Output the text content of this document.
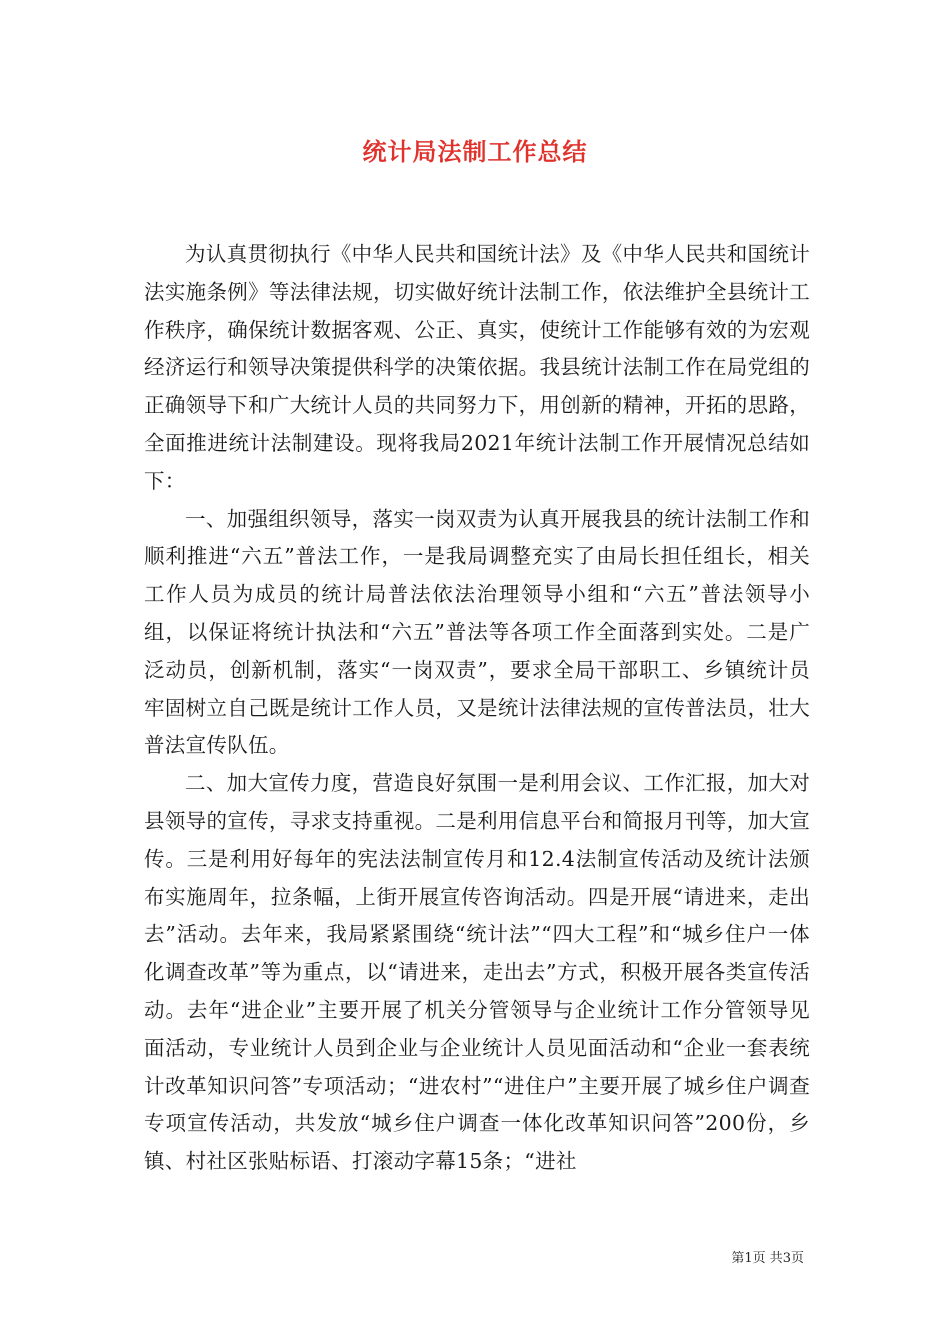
统计局法制工作总结

为认真贯彻执行《中华人民共和国统计法》及《中华人民共和国统计法实施条例》等法律法规，切实做好统计法制工作，依法维护全县统计工作秩序，确保统计数据客观、公正、真实，使统计工作能够有效的为宏观经济运行和领导决策提供科学的决策依据。我县统计法制工作在局党组的正确领导下和广大统计人员的共同努力下，用创新的精神，开拓的思路，全面推进统计法制建设。现将我局2021年统计法制工作开展情况总结如下：

一、加强组织领导，落实一岗双责为认真开展我县的统计法制工作和顺利推进“六五”普法工作，一是我局调整充实了由局长担任组长，相关工作人员为成员的统计局普法依法治理领导小组和“六五”普法领导小组，以保证将统计执法和“六五”普法等各项工作全面落到实处。二是广泛动员，创新机制，落实“一岗双责”，要求全局干部职工、乡镇统计员牢固树立自己既是统计工作人员，又是统计法律法规的宣传普法员，壮大普法宣传队伍。

二、加大宣传力度，营造良好氛围一是利用会议、工作汇报，加大对县领导的宣传，寻求支持重视。二是利用信息平台和简报月刊等，加大宣传。三是利用好每年的宪法法制宣传月和12.4法制宣传活动及统计法颁布实施周年，拉条幅，上街开展宣传咨询活动。四是开展“请进来，走出去”活动。去年来，我局紧紧围绕“统计法”“四大工程”和“城乡住户一体化调查改革”等为重点，以“请进来，走出去”方式，积极开展各类宣传活动。去年“进企业”主要开展了机关分管领导与企业统计工作分管领导见面活动，专业统计人员到企业与企业统计人员见面活动和“企业一套表统计改革知识问答”专项活动；“进农村”“进住户”主要开展了城乡住户调查专项宣传活动，共发放“城乡住户调查一体化改革知识问答”200份，乡镇、村社区张贴标语、打滚动字幕15条；“进社

第1页 共3页
